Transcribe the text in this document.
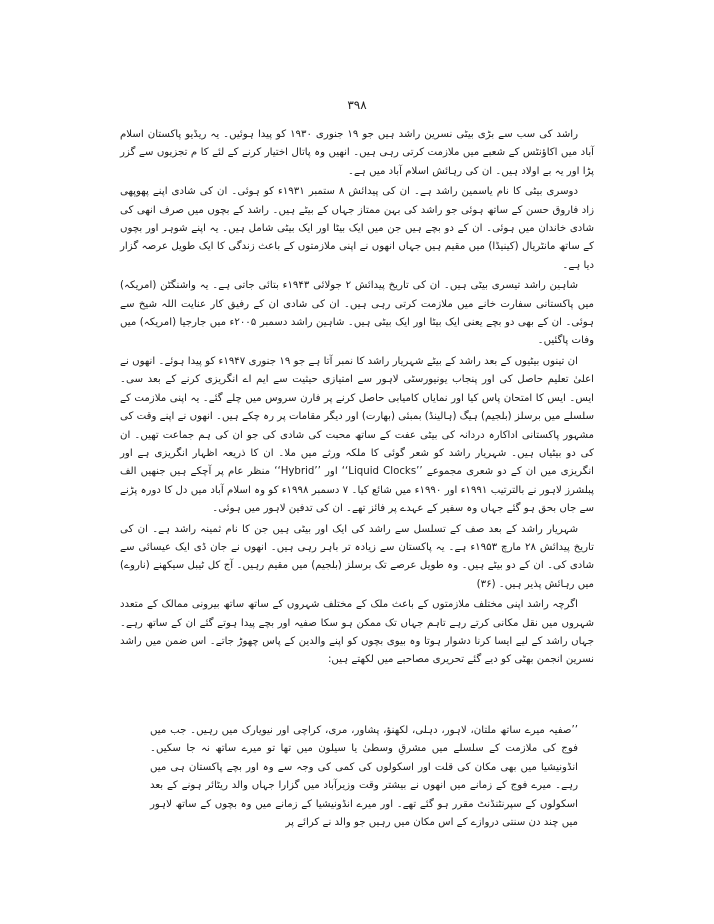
۳۹۸

راشد کی سب سے بڑی بیٹی نسرین راشد ہیں جو ۱۹ جنوری ۱۹۳۰ کو پیدا ہوئیں۔ یہ ریڈیو پاکستان اسلام آباد میں اکاؤنٹس کے شعبے میں ملازمت کرتی رہی ہیں۔ انھیں وہ پاتال اختیار کرنے کے لئے کا م تجزیوں سے گزر پڑا اور یہ بے اولاد ہیں۔ ان کی رہائش اسلام آباد میں ہے۔

دوسری بیٹی کا نام یاسمین راشد ہے۔ ان کی پیدائش ۸ ستمبر ۱۹۳۱ء کو ہوئی۔ ان کی شادی اپنے پھوپھی زاد فاروق حسن کے ساتھ ہوئی جو راشد کی بہن ممتاز جہاں کے بیٹے ہیں۔ راشد کے بچوں میں صرف انھی کی شادی خاندان میں ہوئی۔ ان کے دو بچے ہیں جن میں ایک بیٹا اور ایک بیٹی شامل ہیں۔ یہ اپنے شوہر اور بچوں کے ساتھ مانٹریال (کینیڈا) میں مقیم ہیں جہاں انھوں نے اپنی ملازمتوں کے باعث زندگی کا ایک طویل عرصہ گزار دیا ہے۔

شاہین راشد تیسری بیٹی ہیں۔ ان کی تاریخ پیدائش ۲ جولائی ۱۹۴۳ء بتائی جاتی ہے۔ یہ واشنگٹن (امریکہ) میں پاکستانی سفارت خانے میں ملازمت کرتی رہی ہیں۔ ان کی شادی ان کے رفیق کار عنایت اللہ شیخ سے ہوئی۔ ان کے بھی دو بچے یعنی ایک بیٹا اور ایک بیٹی ہیں۔ شاہین راشد دسمبر ۲۰۰۵ء میں جارجیا (امریکہ) میں وفات پاگئیں۔

ان تینوں بیٹیوں کے بعد راشد کے بیٹے شہریار راشد کا نمبر آتا ہے جو ۱۹ جنوری ۱۹۴۷ء کو پیدا ہوئے۔ انھوں نے اعلیٰ تعلیم حاصل کی اور پنجاب یونیورسٹی لاہور سے امتیازی حیثیت سے ایم اے انگریزی کرنے کے بعد سی۔ ایس۔ ایس کا امتحان پاس کیا اور نمایاں کامیابی حاصل کرنے پر فارن سروس میں چلے گئے۔ یہ اپنی ملازمت کے سلسلے میں برسلز (بلجیم) ہیگ (ہالینڈ) بمبئی (بھارت) اور دیگر مقامات پر رہ چکے ہیں۔ انھوں نے اپنے وقت کی مشہور پاکستانی اداکارہ دردانہ کی بیٹی عفت کے ساتھ محبت کی شادی کی جو ان کی ہم جماعت تھیں۔ ان کی دو بیٹیاں ہیں۔ شہریار راشد کو شعر گوئی کا ملکہ ورثے میں ملا۔ ان کا ذریعہ اظہار انگریزی ہے اور انگریزی میں ان کے دو شعری مجموعے ’’Liquid Clocks‘‘ اور ’’Hybrid‘‘ منظر عام پر آچکے ہیں جنھیں الف پبلشرز لاہور نے بالترتیب ۱۹۹۱ء اور ۱۹۹۰ء میں شائع کیا۔ ۷ دسمبر ۱۹۹۸ء کو وہ اسلام آباد میں دل کا دورہ پڑنے سے جاں بحق ہو گئے جہاں وہ سفیر کے عہدے پر فائز تھے۔ ان کی تدفین لاہور میں ہوئی۔

شہریار راشد کے بعد صف کے تسلسل سے راشد کی ایک اور بیٹی ہیں جن کا نام ثمینہ راشد ہے۔ ان کی تاریخ پیدائش ۲۸ مارچ ۱۹۵۳ء ہے۔ یہ پاکستان سے زیادہ تر باہر رہی ہیں۔ انھوں نے جان ڈی ایک عیسائی سے شادی کی۔ ان کے دو بیٹے ہیں۔ وہ طویل عرصے تک برسلز (بلجیم) میں مقیم رہیں۔ آج کل ٹیبل سیکھنے (ناروے) میں رہائش پذیر ہیں۔ (۳۶)

اگرچہ راشد اپنی مختلف ملازمتوں کے باعث ملک کے مختلف شہروں کے ساتھ ساتھ بیرونی ممالک کے متعدد شہروں میں نقل مکانی کرتے رہے تاہم جہاں تک ممکن ہو سکا صفیہ اور بچے پیدا ہوتے گئے ان کے ساتھ رہے۔ جہاں راشد کے لیے ایسا کرنا دشوار ہوتا وہ بیوی بچوں کو اپنے والدین کے پاس چھوڑ جاتے۔ اس ضمن میں راشد نسرین انجمن بھٹی کو دیے گئے تحریری مصاحبے میں لکھتے ہیں:

’’صفیہ میرے ساتھ ملتان، لاہور، دہلی، لکھنؤ، پشاور، مری، کراچی اور نیویارک میں رہیں۔ جب میں فوج کی ملازمت کے سلسلے میں مشرقِ وسطیٰ یا سیلون میں تھا تو میرے ساتھ نہ جا سکیں۔ انڈونیشیا میں بھی مکان کی قلت اور اسکولوں کی کمی کی وجہ سے وہ اور بچے پاکستان ہی میں رہے۔ میرے فوج کے زمانے میں انھوں نے بیشتر وقت وزیرآباد میں گزارا جہاں والد ریٹائر ہونے کے بعد اسکولوں کے سپرنٹنڈنٹ مقرر ہو گئے تھے۔ اور میرے انڈونیشیا کے زمانے میں وہ بچوں کے ساتھ لاہور میں چند دن سنتی دروازے کے اس مکان میں رہیں جو والد نے کرائے پر
